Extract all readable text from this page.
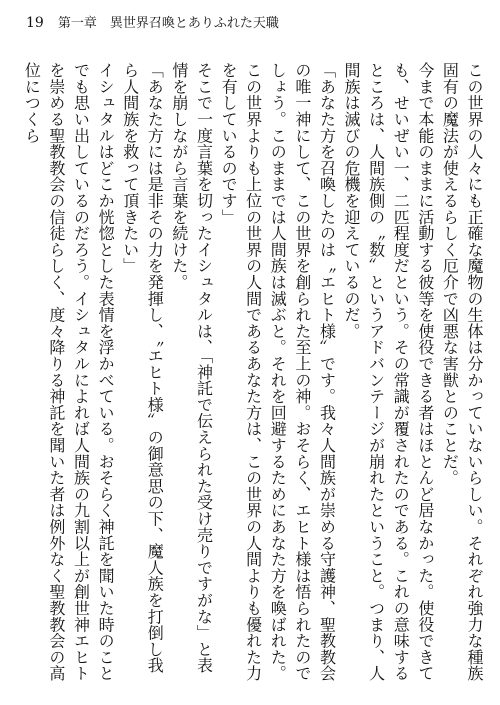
19 第一章　異世界召喚とありふれた天職

この世界の人々にも正確な魔物の生体は分かっていないらしい。それぞれ強力な種族固有の魔法が使えるらしく厄介で凶悪な害獣とのことだ。

今まで本能のままに活動する彼等を使役できる者はほとんど居なかった。使役できても、せいぜい一、二匹程度だという。その常識が覆されたのである。これの意味するところは、人間族側の〝数〟というアドバンテージが崩れたということ。つまり、人間族は滅びの危機を迎えているのだ。

「あなた方を召喚したのは〝エヒト様〟です。我々人間族が崇める守護神、聖教教会の唯一神にして、この世界を創られた至上の神。おそらく、エヒト様は悟られたのでしょう。このままでは人間族は滅ぶと。それを回避するためにあなた方を喚ばれた。この世界よりも上位の世界の人間であるあなた方は、この世界の人間よりも優れた力を有しているのです」

そこで一度言葉を切ったイシュタルは、「神託で伝えられた受け売りですがな」と表情を崩しながら言葉を続けた。

「あなた方には是非その力を発揮し、〝エヒト様〟の御意思の下、魔人族を打倒し我ら人間族を救って頂きたい」

イシュタルはどこか恍惚とした表情を浮かべている。おそらく神託を聞いた時のことでも思い出しているのだろう。イシュタルによれば人間族の九割以上が創世神エヒトを崇める聖教教会の信徒らしく、度々降りる神託を聞いた者は例外なく聖教教会の高位につくら
